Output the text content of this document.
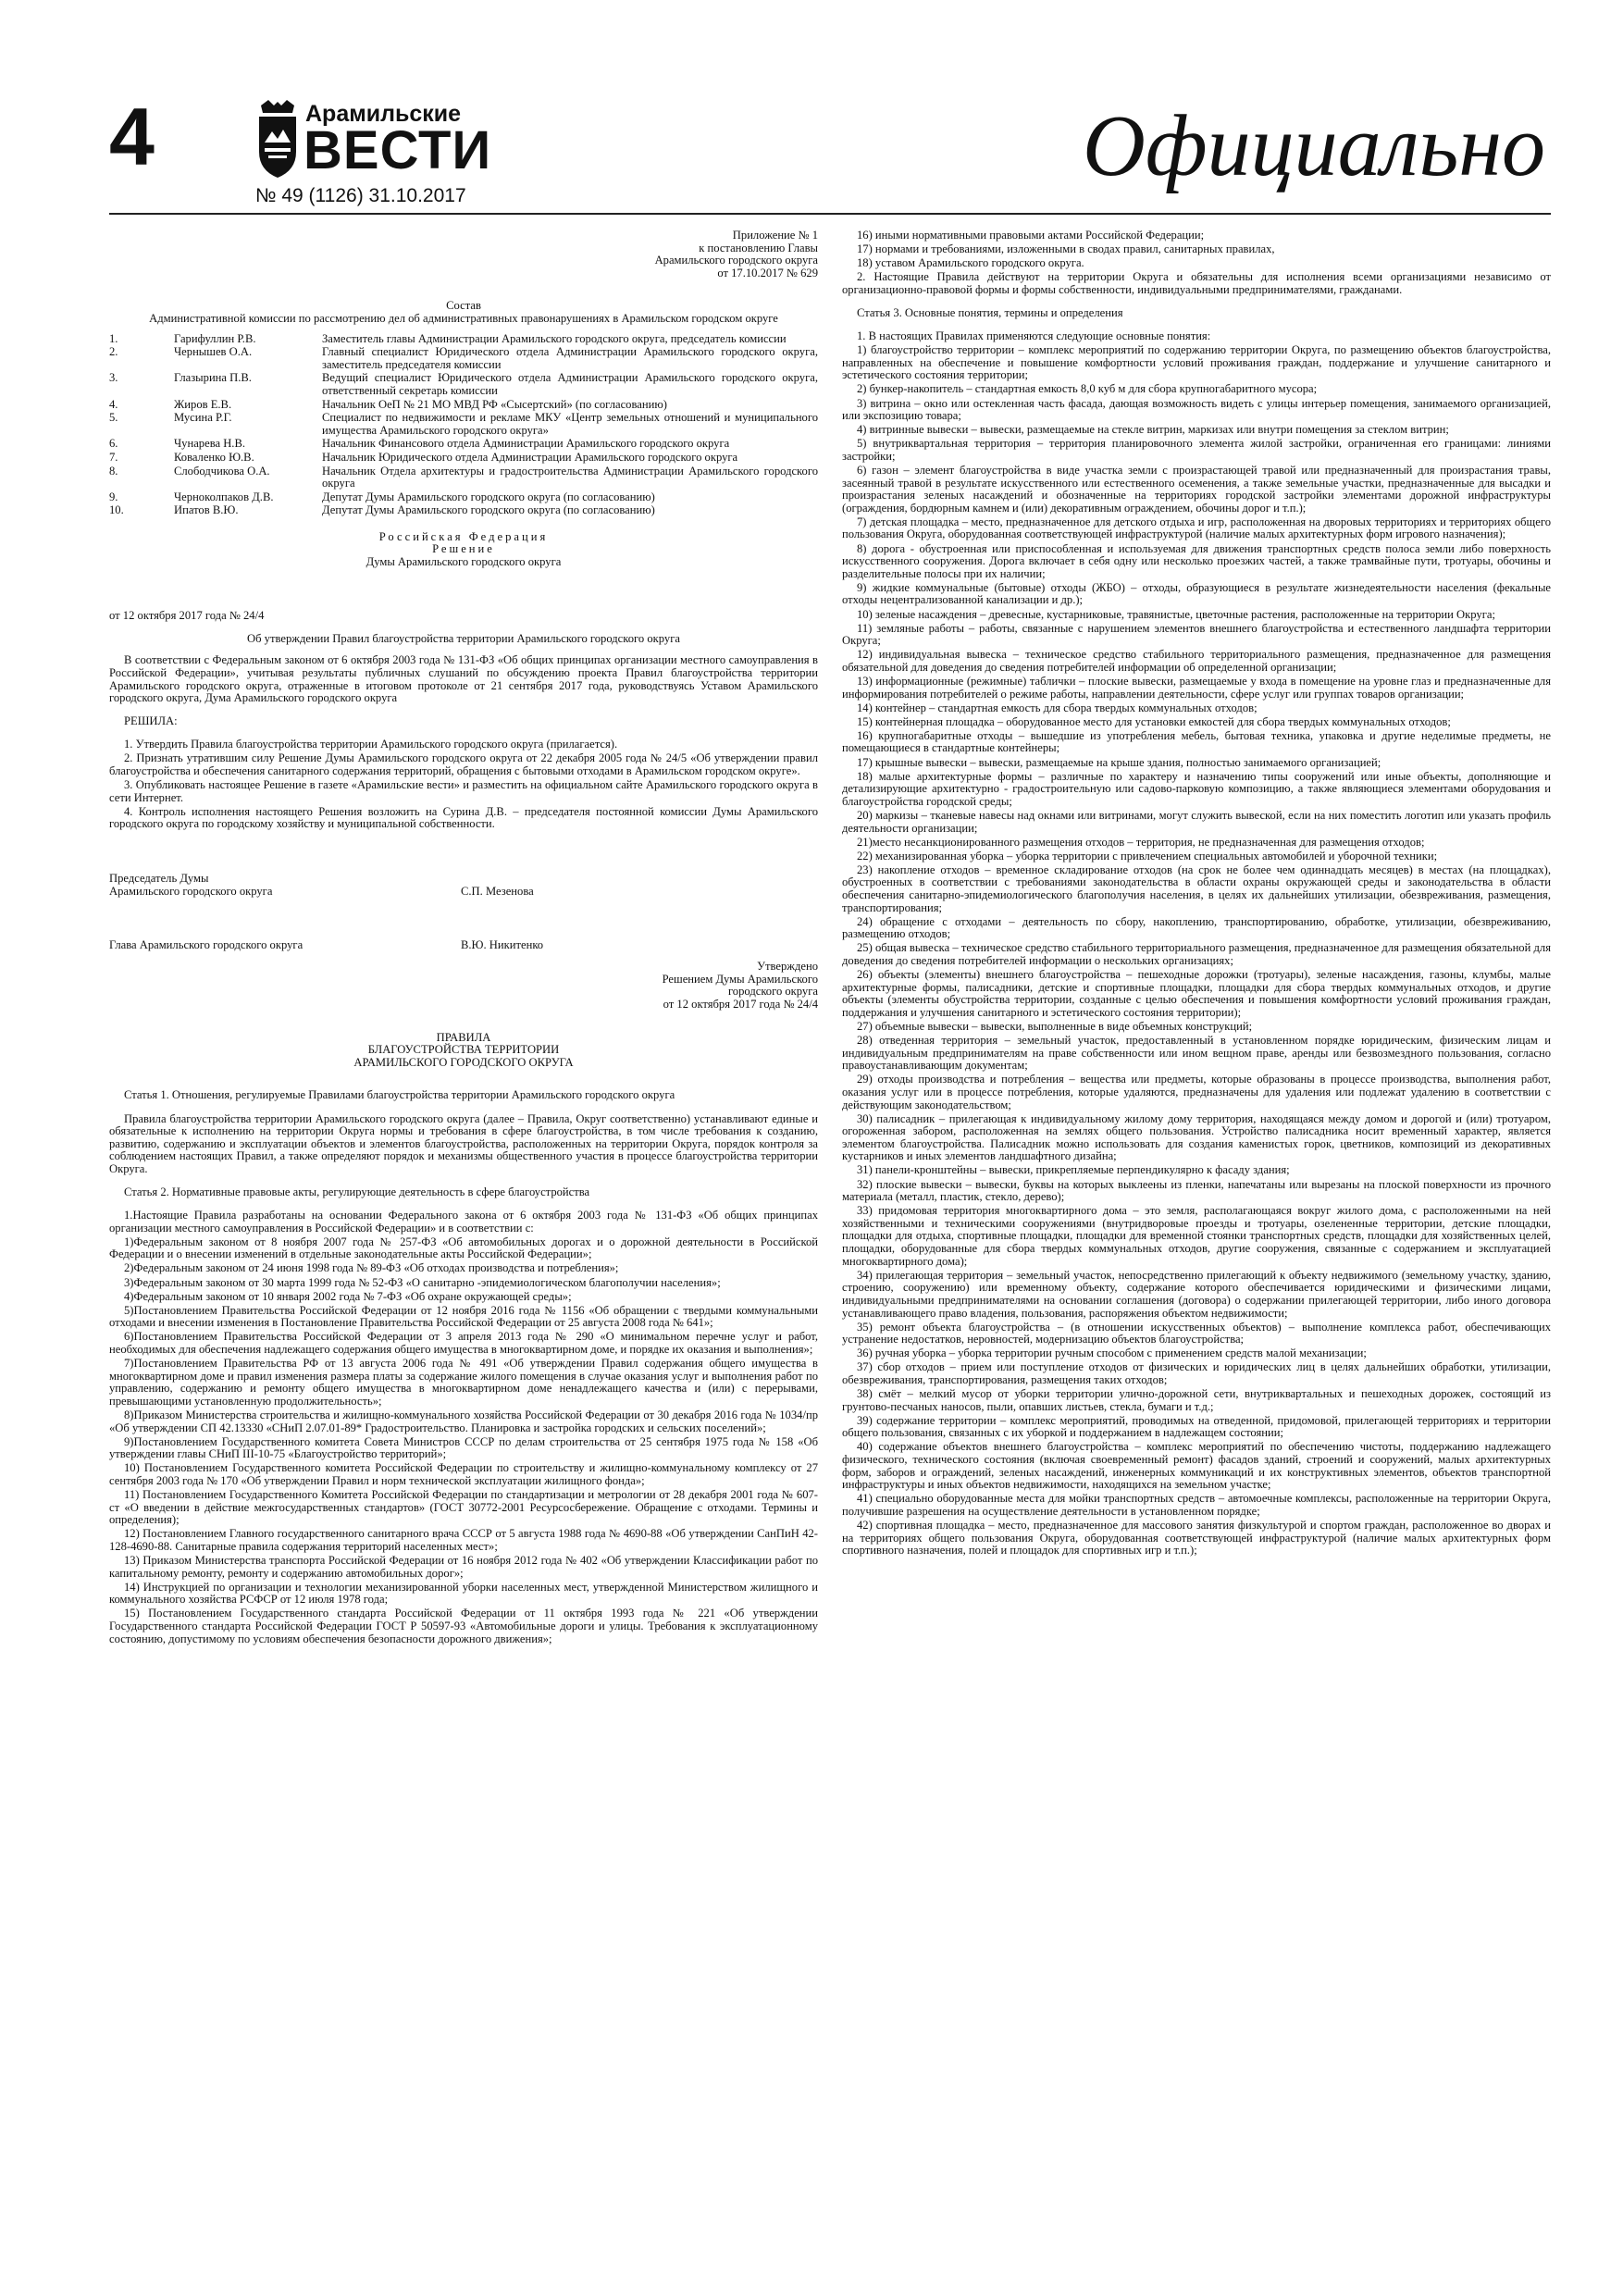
4	Арамильские
ВЕСТИ
№ 49 (1126) 31.10.2017
Официально
Приложение № 1
к постановлению Главы
Арамильского городского округа
от 17.10.2017 № 629
Состав
Административной комиссии по рассмотрению дел об административных правонарушениях в Арамильском городском округе
1.	Гарифуллин Р.В.	Заместитель главы Администрации Арамильского городского округа, председатель комиссии
2.	Чернышев О.А.	Главный специалист Юридического отдела Администрации Арамильского городского округа, заместитель председателя комиссии
3.	Глазырина П.В.	Ведущий специалист Юридического отдела Администрации Арамильского городского округа, ответственный секретарь комиссии
4.	Жиров Е.В.	Начальник ОеП № 21 МО МВД РФ «Сысертский» (по согласованию)
5.	Мусина Р.Г.	Специалист по недвижимости и рекламе МКУ «Центр земельных отношений и муниципального имущества Арамильского городского округа»
6.	Чунарева Н.В.	Начальник Финансового отдела Администрации Арамильского городского округа
7.	Коваленко Ю.В.	Начальник Юридического отдела Администрации Арамильского городского округа
8.	Слободчикова О.А.	Начальник Отдела архитектуры и градостроительства Администрации Арамильского городского округа
9.	Черноколпаков Д.В.	Депутат Думы Арамильского городского округа (по согласованию)
10.	Ипатов В.Ю.	Депутат Думы Арамильского городского округа (по согласованию)
Российская Федерация
Решение
Думы Арамильского городского округа

от 12 октября 2017 года № 24/4

Об утверждении Правил благоустройства территории Арамильского городского округа

В соответствии с Федеральным законом от 6 октября 2003 года № 131-ФЗ «Об общих принципах организации местного самоуправления в Российской Федерации», учитывая результаты публичных слушаний по обсуждению проекта Правил благоустройства территории Арамильского городского округа, отраженные в итоговом протоколе от 21 сентября 2017 года, руководствуясь Уставом Арамильского городского округа, Дума Арамильского городского округа

РЕШИЛА:

1. Утвердить Правила благоустройства территории Арамильского городского округа (прилагается).

2. Признать утратившим силу Решение Думы Арамильского городского округа от 22 декабря 2005 года № 24/5 «Об утверждении правил благоустройства и обеспечения санитарного содержания территорий, обращения с бытовыми отходами в Арамильском городском округе».

3. Опубликовать настоящее Решение в газете «Арамильские вести» и разместить на официальном сайте Арамильского городского округа в сети Интернет.

4. Контроль исполнения настоящего Решения возложить на Сурина Д.В. – председателя постоянной комиссии Думы Арамильского городского округа по городскому хозяйству и муниципальной собственности.

Председатель Думы
Арамильского городского округа	С.П. Мезенова
Глава Арамильского городского округа	В.Ю. Никитенко
Утверждено
Решением Думы Арамильского
городского округа
от 12 октября 2017 года № 24/4
ПРАВИЛА
БЛАГОУСТРОЙСТВА ТЕРРИТОРИИ
АРАМИЛЬСКОГО ГОРОДСКОГО ОКРУГА

Статья 1. Отношения, регулируемые Правилами благоустройства территории Арамильского городского округа

Правила благоустройства территории Арамильского городского округа (далее – Правила, Округ соответственно) устанавливают единые и обязательные к исполнению на территории Округа нормы и требования в сфере благоустройства, в том числе требования к созданию, развитию, содержанию и эксплуатации объектов и элементов благоустройства, расположенных на территории Округа, порядок контроля за соблюдением настоящих Правил, а также определяют порядок и механизмы общественного участия в процессе благоустройства территории Округа.

Статья 2. Нормативные правовые акты, регулирующие деятельность в сфере благоустройства

1.Настоящие Правила разработаны на основании Федерального закона от 6 октября 2003 года № 131-ФЗ «Об общих принципах организации местного самоуправления в Российской Федерации» и в соответствии с:

1)Федеральным законом от 8 ноября 2007 года № 257-ФЗ «Об автомобильных дорогах и о дорожной деятельности в Российской Федерации и о внесении изменений в отдельные законодательные акты Российской Федерации»;

2)Федеральным законом от 24 июня 1998 года № 89-ФЗ «Об отходах производства и потребления»;

3)Федеральным законом от 30 марта 1999 года № 52-ФЗ «О санитарно -эпидемиологическом благополучии населения»;

4)Федеральным законом от 10 января 2002 года № 7-ФЗ «Об охране окружающей среды»;

5)Постановлением Правительства Российской Федерации от 12 ноября 2016 года № 1156 «Об обращении с твердыми коммунальными отходами и внесении изменения в Постановление Правительства Российской Федерации от 25 августа 2008 года № 641»;

6)Постановлением Правительства Российской Федерации от 3 апреля 2013 года № 290 «О минимальном перечне услуг и работ, необходимых для обеспечения надлежащего содержания общего имущества в многоквартирном доме, и порядке их оказания и выполнения»;

7)Постановлением Правительства РФ от 13 августа 2006 года № 491 «Об утверждении Правил содержания общего имущества в многоквартирном доме и правил изменения размера платы за содержание жилого помещения в случае оказания услуг и выполнения работ по управлению, содержанию и ремонту общего имущества в многоквартирном доме ненадлежащего качества и (или) с перерывами, превышающими установленную продолжительность»;

8)Приказом Министерства строительства и жилищно-коммунального хозяйства Российской Федерации от 30 декабря 2016 года № 1034/пр «Об утверждении СП 42.13330 «СНиП 2.07.01-89* Градостроительство. Планировка и застройка городских и сельских поселений»;

9)Постановлением Государственного комитета Совета Министров СССР по делам строительства от 25 сентября 1975 года № 158 «Об утверждении главы СНиП III-10-75 «Благоустройство территорий»;

10) Постановлением Государственного комитета Российской Федерации по строительству и жилищно-коммунальному комплексу от 27 сентября 2003 года № 170 «Об утверждении Правил и норм технической эксплуатации жилищного фонда»;

11) Постановлением Государственного Комитета Российской Федерации по стандартизации и метрологии от 28 декабря 2001 года № 607-ст «О введении в действие межгосударственных стандартов» (ГОСТ 30772-2001 Ресурсосбережение. Обращение с отходами. Термины и определения);

12) Постановлением Главного государственного санитарного врача СССР от 5 августа 1988 года № 4690-88 «Об утверждении СанПиН 42-128-4690-88. Санитарные правила содержания территорий населенных мест»;

13) Приказом Министерства транспорта Российской Федерации от 16 ноября 2012 года № 402 «Об утверждении Классификации работ по капитальному ремонту, ремонту и содержанию автомобильных дорог»;

14) Инструкцией по организации и технологии механизированной уборки населенных мест, утвержденной Министерством жилищного и коммунального хозяйства РСФСР от 12 июля 1978 года;

15) Постановлением Государственного стандарта Российской Федерации от 11 октября 1993 года № 221 «Об утверждении Государственного стандарта Российской Федерации ГОСТ Р 50597-93 «Автомобильные дороги и улицы. Требования к эксплуатационному состоянию, допустимому по условиям обеспечения безопасности дорожного движения»;

16) иными нормативными правовыми актами Российской Федерации;

17) нормами и требованиями, изложенными в сводах правил, санитарных правилах,

18) уставом Арамильского городского округа.

2. Настоящие Правила действуют на территории Округа и обязательны для исполнения всеми организациями независимо от организационно-правовой формы и формы собственности, индивидуальными предпринимателями, гражданами.

Статья 3. Основные понятия, термины и определения

1. В настоящих Правилах применяются следующие основные понятия:

1) благоустройство территории – комплекс мероприятий по содержанию территории Округа, по размещению объектов благоустройства, направленных на обеспечение и повышение комфортности условий проживания граждан, поддержание и улучшение санитарного и эстетического состояния территории;

2) бункер-накопитель – стандартная емкость 8,0 куб м для сбора крупногабаритного мусора;

3) витрина – окно или остекленная часть фасада, дающая возможность видеть с улицы интерьер помещения, занимаемого организацией, или экспозицию товара;

4) витринные вывески – вывески, размещаемые на стекле витрин, маркизах или внутри помещения за стеклом витрин;

5) внутриквартальная территория – территория планировочного элемента жилой застройки, ограниченная его границами: линиями застройки;

6) газон – элемент благоустройства в виде участка земли с произрастающей травой или предназначенный для произрастания травы, засеянный травой в результате искусственного или естественного осеменения, а также земельные участки, предназначенные для высадки и произрастания зеленых насаждений и обозначенные на территориях городской застройки элементами дорожной инфраструктуры (ограждения, бордюрным камнем и (или) декоративным ограждением, обочины дорог и т.п.);

7) детская площадка – место, предназначенное для детского отдыха и игр, расположенная на дворовых территориях и территориях общего пользования Округа, оборудованная соответствующей инфраструктурой (наличие малых архитектурных форм игрового назначения);

8) дорога - обустроенная или приспособленная и используемая для движения транспортных средств полоса земли либо поверхность искусственного сооружения. Дорога включает в себя одну или несколько проезжих частей, а также трамвайные пути, тротуары, обочины и разделительные полосы при их наличии;

9) жидкие коммунальные (бытовые) отходы (ЖБО) – отходы, образующиеся в результате жизнедеятельности населения (фекальные отходы нецентрализованной канализации и др.);

10) зеленые насаждения – древесные, кустарниковые, травянистые, цветочные растения, расположенные на территории Округа;

11) земляные работы – работы, связанные с нарушением элементов внешнего благоустройства и естественного ландшафта территории Округа;

12) индивидуальная вывеска – техническое средство стабильного территориального размещения, предназначенное для размещения обязательной для доведения до сведения потребителей информации об определенной организации;

13) информационные (режимные) таблички – плоские вывески, размещаемые у входа в помещение на уровне глаз и предназначенные для информирования потребителей о режиме работы, направлении деятельности, сфере услуг или группах товаров организации;

14) контейнер – стандартная емкость для сбора твердых коммунальных отходов;

15) контейнерная площадка – оборудованное место для установки емкостей для сбора твердых коммунальных отходов;

16) крупногабаритные отходы – вышедшие из употребления мебель, бытовая техника, упаковка и другие неделимые предметы, не помещающиеся в стандартные контейнеры;

17) крышные вывески – вывески, размещаемые на крыше здания, полностью занимаемого организацией;

18) малые архитектурные формы – различные по характеру и назначению типы сооружений или иные объекты, дополняющие и детализирующие архитектурно - градостроительную или садово-парковую композицию, а также являющиеся элементами оборудования и благоустройства городской среды;

20) маркизы – тканевые навесы над окнами или витринами, могут служить вывеской, если на них поместить логотип или указать профиль деятельности организации;

21)место несанкционированного размещения отходов – территория, не предназначенная для размещения отходов;

22) механизированная уборка – уборка территории с привлечением специальных автомобилей и уборочной техники;

23) накопление отходов – временное складирование отходов (на срок не более чем одиннадцать месяцев) в местах (на площадках), обустроенных в соответствии с требованиями законодательства в области охраны окружающей среды и законодательства в области обеспечения санитарно-эпидемиологического благополучия населения, в целях их дальнейших утилизации, обезвреживания, размещения, транспортирования;

24) обращение с отходами – деятельность по сбору, накоплению, транспортированию, обработке, утилизации, обезвреживанию, размещению отходов;

25) общая вывеска – техническое средство стабильного территориального размещения, предназначенное для размещения обязательной для доведения до сведения потребителей информации о нескольких организациях;

26) объекты (элементы) внешнего благоустройства – пешеходные дорожки (тротуары), зеленые насаждения, газоны, клумбы, малые архитектурные формы, палисадники, детские и спортивные площадки, площадки для сбора твердых коммунальных отходов, и другие объекты (элементы обустройства территории, созданные с целью обеспечения и повышения комфортности условий проживания граждан, поддержания и улучшения санитарного и эстетического состояния территории);

27) объемные вывески – вывески, выполненные в виде объемных конструкций;

28) отведенная территория – земельный участок, предоставленный в установленном порядке юридическим, физическим лицам и индивидуальным предпринимателям на праве собственности или ином вещном праве, аренды или безвозмездного пользования, согласно правоустанавливающим документам;

29) отходы производства и потребления – вещества или предметы, которые образованы в процессе производства, выполнения работ, оказания услуг или в процессе потребления, которые удаляются, предназначены для удаления или подлежат удалению в соответствии с действующим законодательством;

30) палисадник – прилегающая к индивидуальному жилому дому территория, находящаяся между домом и дорогой и (или) тротуаром, огороженная забором, расположенная на землях общего пользования. Устройство палисадника носит временный характер, является элементом благоустройства. Палисадник можно использовать для создания каменистых горок, цветников, композиций из декоративных кустарников и иных элементов ландшафтного дизайна;

31) панели-кронштейны – вывески, прикрепляемые перпендикулярно к фасаду здания;

32) плоские вывески – вывески, буквы на которых выклеены из пленки, напечатаны или вырезаны на плоской поверхности из прочного материала (металл, пластик, стекло, дерево);

33) придомовая территория многоквартирного дома – это земля, располагающаяся вокруг жилого дома, с расположенными на ней хозяйственными и техническими сооружениями (внутридворовые проезды и тротуары, озелененные территории, детские площадки, площадки для отдыха, спортивные площадки, площадки для временной стоянки транспортных средств, площадки для хозяйственных целей, площадки, оборудованные для сбора твердых коммунальных отходов, другие сооружения, связанные с содержанием и эксплуатацией многоквартирного дома);

34) прилегающая территория – земельный участок, непосредственно прилегающий к объекту недвижимого (земельному участку, зданию, строению, сооружению) или временному объекту, содержание которого обеспечивается юридическими и физическими лицами, индивидуальными предпринимателями на основании соглашения (договора) о содержании прилегающей территории, либо иного договора устанавливающего право владения, пользования, распоряжения объектом недвижимости;

35) ремонт объекта благоустройства – (в отношении искусственных объектов) – выполнение комплекса работ, обеспечивающих устранение недостатков, неровностей, модернизацию объектов благоустройства;

36) ручная уборка – уборка территории ручным способом с применением средств малой механизации;

37) сбор отходов – прием или поступление отходов от физических и юридических лиц в целях дальнейших обработки, утилизации, обезвреживания, транспортирования, размещения таких отходов;

38) смёт – мелкий мусор от уборки территории улично-дорожной сети, внутриквартальных и пешеходных дорожек, состоящий из грунтово-песчаных наносов, пыли, опавших листьев, стекла, бумаги и т.д.;

39) содержание территории – комплекс мероприятий, проводимых на отведенной, придомовой, прилегающей территориях и территории общего пользования, связанных с их уборкой и поддержанием в надлежащем состоянии;

40) содержание объектов внешнего благоустройства – комплекс мероприятий по обеспечению чистоты, поддержанию надлежащего физического, технического состояния (включая своевременный ремонт) фасадов зданий, строений и сооружений, малых архитектурных форм, заборов и ограждений, зеленых насаждений, инженерных коммуникаций и их конструктивных элементов, объектов транспортной инфраструктуры и иных объектов недвижимости, находящихся на земельном участке;

41) специально оборудованные места для мойки транспортных средств – автомоечные комплексы, расположенные на территории Округа, получившие разрешения на осуществление деятельности в установленном порядке;

42) спортивная площадка – место, предназначенное для массового занятия физкультурой и спортом граждан, расположенное во дворах и на территориях общего пользования Округа, оборудованная соответствующей инфраструктурой (наличие малых архитектурных форм спортивного назначения, полей и площадок для спортивных игр и т.п.);
